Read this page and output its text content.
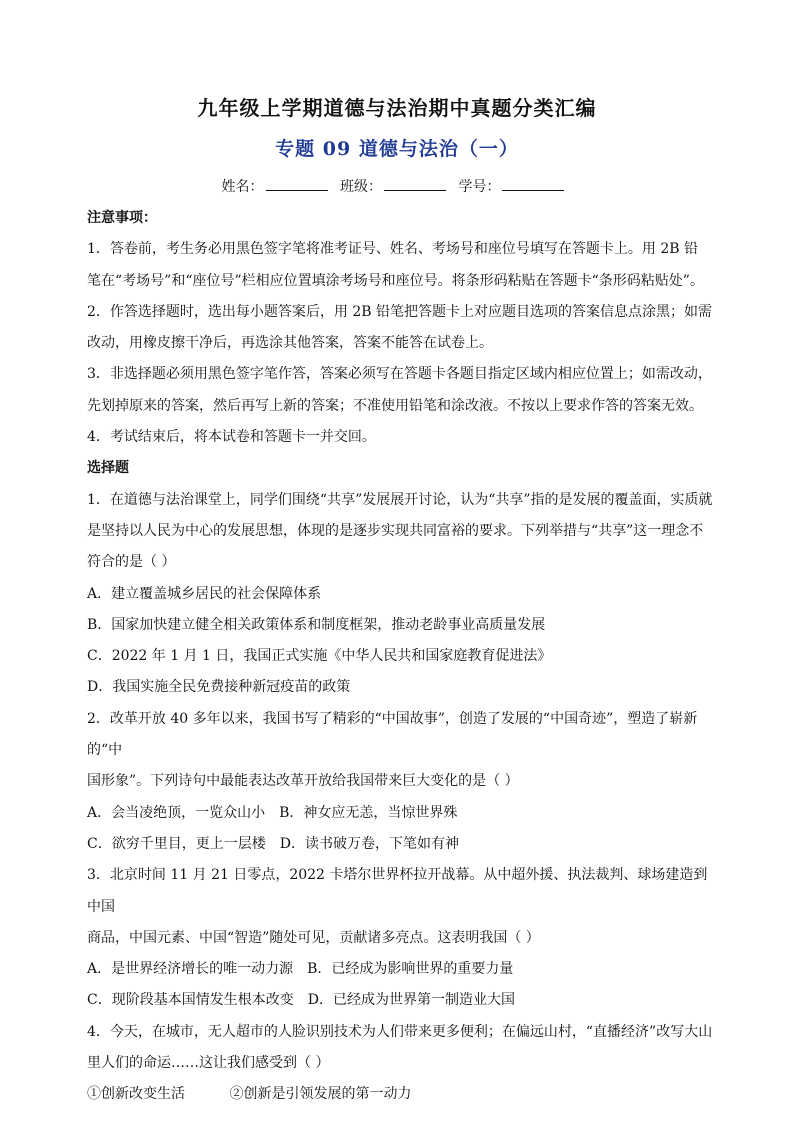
九年级上学期道德与法治期中真题分类汇编
专题 09 道德与法治（一）
姓名：	班级：	学号：

注意事项：

1．答卷前，考生务必用黑色签字笔将准考证号、姓名、考场号和座位号填写在答题卡上。用 2B 铅

笔在“考场号”和“座位号”栏相应位置填涂考场号和座位号。将条形码粘贴在答题卡“条形码粘贴处”。

2．作答选择题时，选出每小题答案后，用 2B 铅笔把答题卡上对应题目选项的答案信息点涂黑；如需

改动，用橡皮擦干净后，再选涂其他答案，答案不能答在试卷上。

3．非选择题必须用黑色签字笔作答，答案必须写在答题卡各题目指定区域内相应位置上；如需改动，

先划掉原来的答案，然后再写上新的答案；不准使用铅笔和涂改液。不按以上要求作答的答案无效。

4．考试结束后，将本试卷和答题卡一并交回。

选择题

1．在道德与法治课堂上，同学们围绕“共享”发展展开讨论，认为“共享”指的是发展的覆盖面，实质就

是坚持以人民为中心的发展思想，体现的是逐步实现共同富裕的要求。下列举措与“共享”这一理念不

符合的是（ ）

A．建立覆盖城乡居民的社会保障体系

B．国家加快建立健全相关政策体系和制度框架，推动老龄事业高质量发展

C．2022 年 1 月 1 日，我国正式实施《中华人民共和国家庭教育促进法》

D．我国实施全民免费接种新冠疫苗的政策

2．改革开放 40 多年以来，我国书写了精彩的“中国故事”，创造了发展的“中国奇迹”，塑造了崭新的“中

国形象”。下列诗句中最能表达改革开放给我国带来巨大变化的是（ ）

A．会当凌绝顶，一览众山小 B．神女应无恙，当惊世界殊

C．欲穷千里目，更上一层楼 D．读书破万卷，下笔如有神

3．北京时间 11 月 21 日零点，2022 卡塔尔世界杯拉开战幕。从中超外援、执法裁判、球场建造到中国

商品，中国元素、中国“智造”随处可见，贡献诸多亮点。这表明我国（ ）

A．是世界经济增长的唯一动力源 B．已经成为影响世界的重要力量

C．现阶段基本国情发生根本改变 D．已经成为世界第一制造业大国

4．今天，在城市，无人超市的人脸识别技术为人们带来更多便利；在偏远山村，“直播经济”改写大山

里人们的命运……这让我们感受到（ ）

①创新改变生活          ②创新是引领发展的第一动力
